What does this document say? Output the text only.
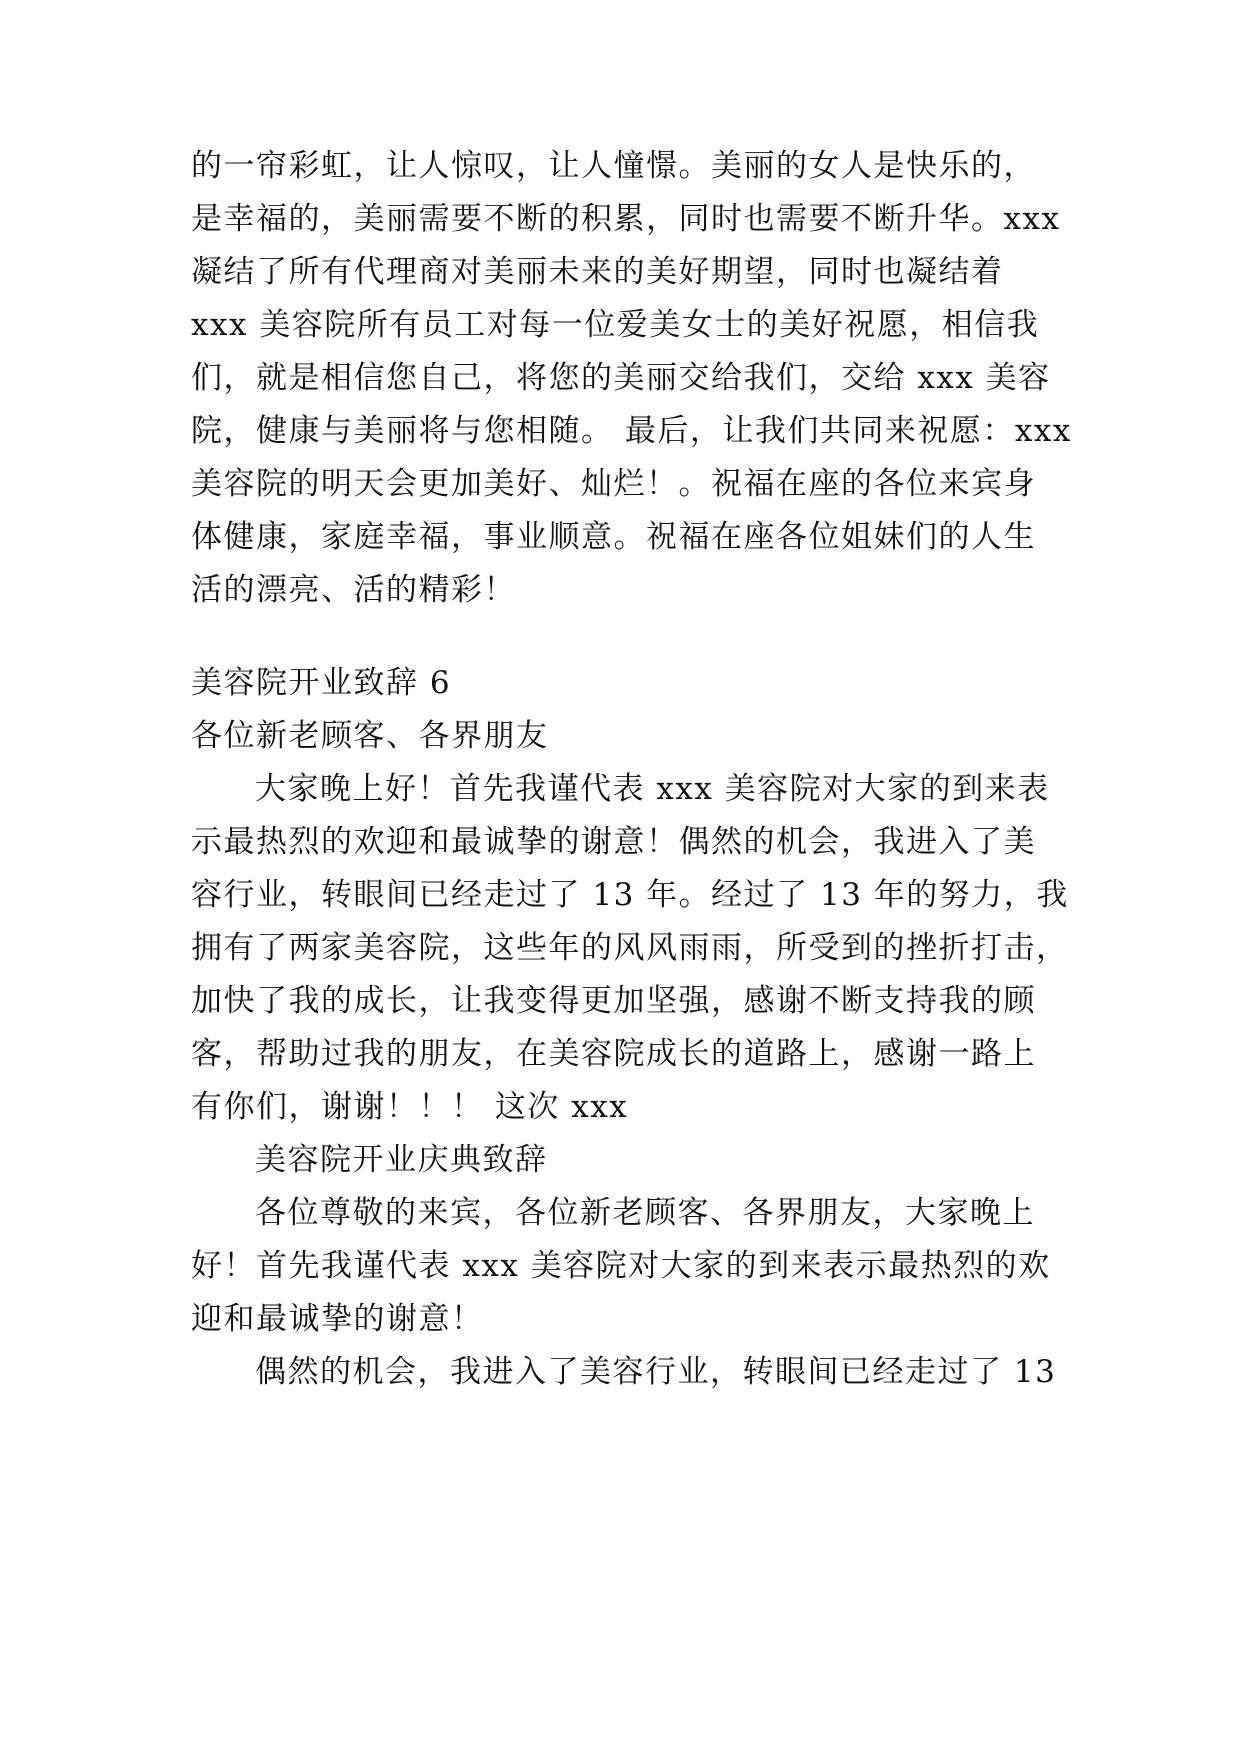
的一帘彩虹，让人惊叹，让人憧憬。美丽的女人是快乐的，
是幸福的，美丽需要不断的积累，同时也需要不断升华。xxx
凝结了所有代理商对美丽未来的美好期望，同时也凝结着
xxx 美容院所有员工对每一位爱美女士的美好祝愿，相信我
们，就是相信您自己，将您的美丽交给我们，交给 xxx 美容
院，健康与美丽将与您相随。 最后，让我们共同来祝愿：xxx
美容院的明天会更加美好、灿烂！。祝福在座的各位来宾身
体健康，家庭幸福，事业顺意。祝福在座各位姐妹们的人生
活的漂亮、活的精彩！
美容院开业致辞 6
各位新老顾客、各界朋友
大家晚上好！首先我谨代表 xxx 美容院对大家的到来表
示最热烈的欢迎和最诚挚的谢意！偶然的机会，我进入了美
容行业，转眼间已经走过了 13 年。经过了 13 年的努力，我
拥有了两家美容院，这些年的风风雨雨，所受到的挫折打击，
加快了我的成长，让我变得更加坚强，感谢不断支持我的顾
客，帮助过我的朋友，在美容院成长的道路上，感谢一路上
有你们，谢谢！！！ 这次 xxx
美容院开业庆典致辞
各位尊敬的来宾，各位新老顾客、各界朋友，大家晚上
好！首先我谨代表 xxx 美容院对大家的到来表示最热烈的欢
迎和最诚挚的谢意！
偶然的机会，我进入了美容行业，转眼间已经走过了 13
